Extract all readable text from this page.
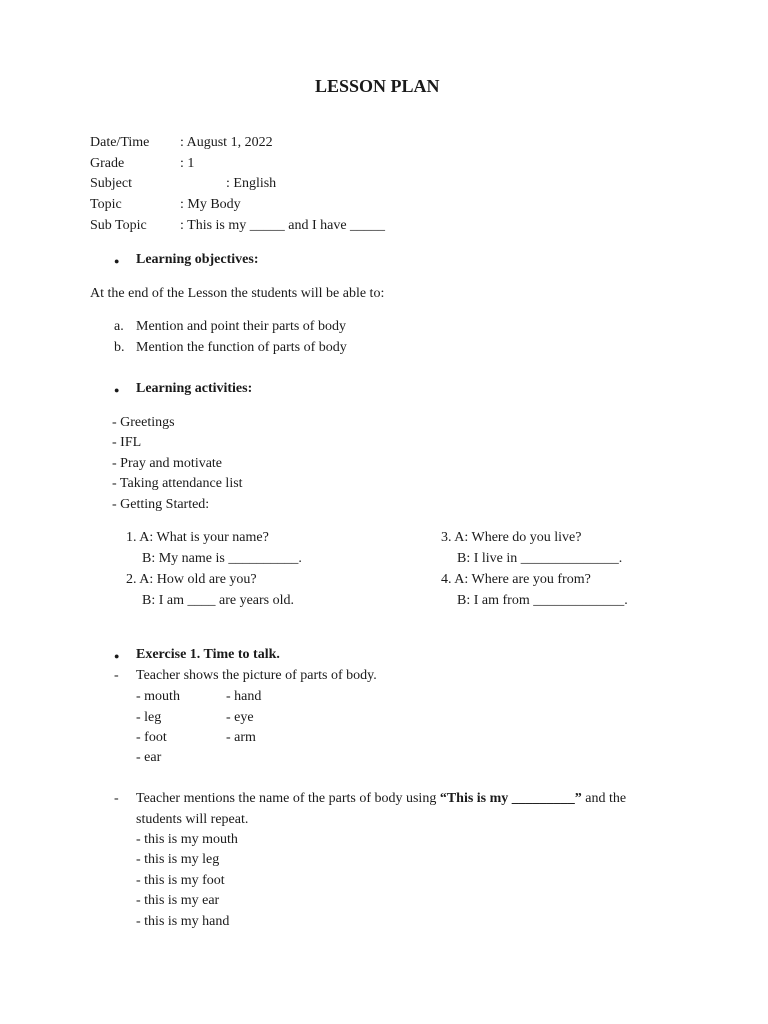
LESSON PLAN
Date/Time : August 1, 2022
Grade	: 1
Subject	: English
Topic	: My Body
Sub Topic : This is my _____ and I have _____
● Learning objectives:
At the end of the Lesson the students will be able to:
a. Mention and point their parts of body
b. Mention the function of parts of body
● Learning activities:
- Greetings
- IFL
- Pray and motivate
- Taking attendance list
- Getting Started:
1. A: What is your name?
B: My name is __________.
2. A: How old are you?
B: I am ____ are years old.
3. A: Where do you live?
B: I live in ______________.
4. A: Where are you from?
B: I am from _____________.
● Exercise 1. Time to talk.
- Teacher shows the picture of parts of body.
- mouth
- leg
- foot
- ear
- hand
- eye
- arm
- Teacher mentions the name of the parts of body using “This is my _________” and the
students will repeat.
- this is my mouth
- this is my leg
- this is my foot
- this is my ear
- this is my hand
